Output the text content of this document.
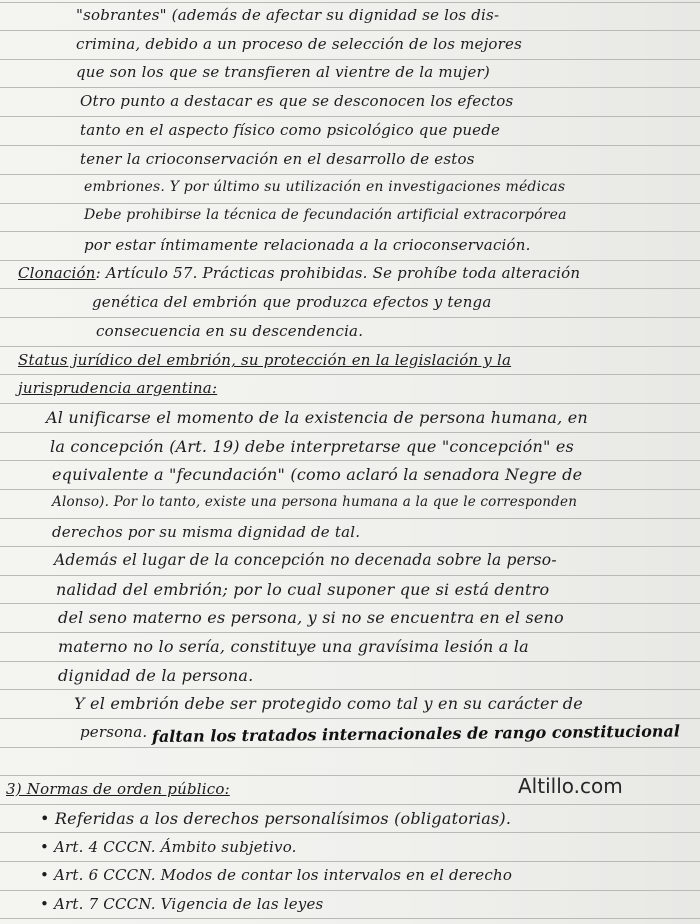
"sobrantes" (además de afectar su dignidad se los dis-
crimina, debido a un proceso de selección de los mejores
que son los que se transfieren al vientre de la mujer)
Otro punto a destacar es que se desconocen los efectos
tanto en el aspecto físico como psicológico que puede
tener la crioconservación en el desarrollo de estos
embriones. Y por último su utilización en investigaciones médicas
Debe prohibirse la técnica de fecundación artificial extracorpórea
por estar íntimamente relacionada a la crioconservación.
Clonación: Artículo 57. Prácticas prohibidas. Se prohíbe toda alteración
genética del embrión que produzca efectos y tenga
consecuencia en su descendencia.
Status jurídico del embrión, su protección en la legislación y la
jurisprudencia argentina:
Al unificarse el momento de la existencia de persona humana, en
la concepción (Art. 19) debe interpretarse que "concepción" es
equivalente a "fecundación" (como aclaró la senadora Negre de
Alonso). Por lo tanto, existe una persona humana a la que le corresponden
derechos por su misma dignidad de tal.
Además el lugar de la concepción no decenada sobre la perso-
nalidad del embrión; por lo cual suponer que si está dentro
del seno materno es persona, y si no se encuentra en el seno
materno no lo sería, constituye una gravísima lesión a la
dignidad de la persona.
Y el embrión debe ser protegido como tal y en su carácter de
persona. faltan los tratados internacionales de rango constitucional
3) Normas de orden público:
• Referidas a los derechos personalísimos (obligatorias).
• Art. 4 CCCN. Ámbito subjetivo.
• Art. 6 CCCN. Modos de contar los intervalos en el derecho
• Art. 7 CCCN. Vigencia de las leyes
Altillo.com
